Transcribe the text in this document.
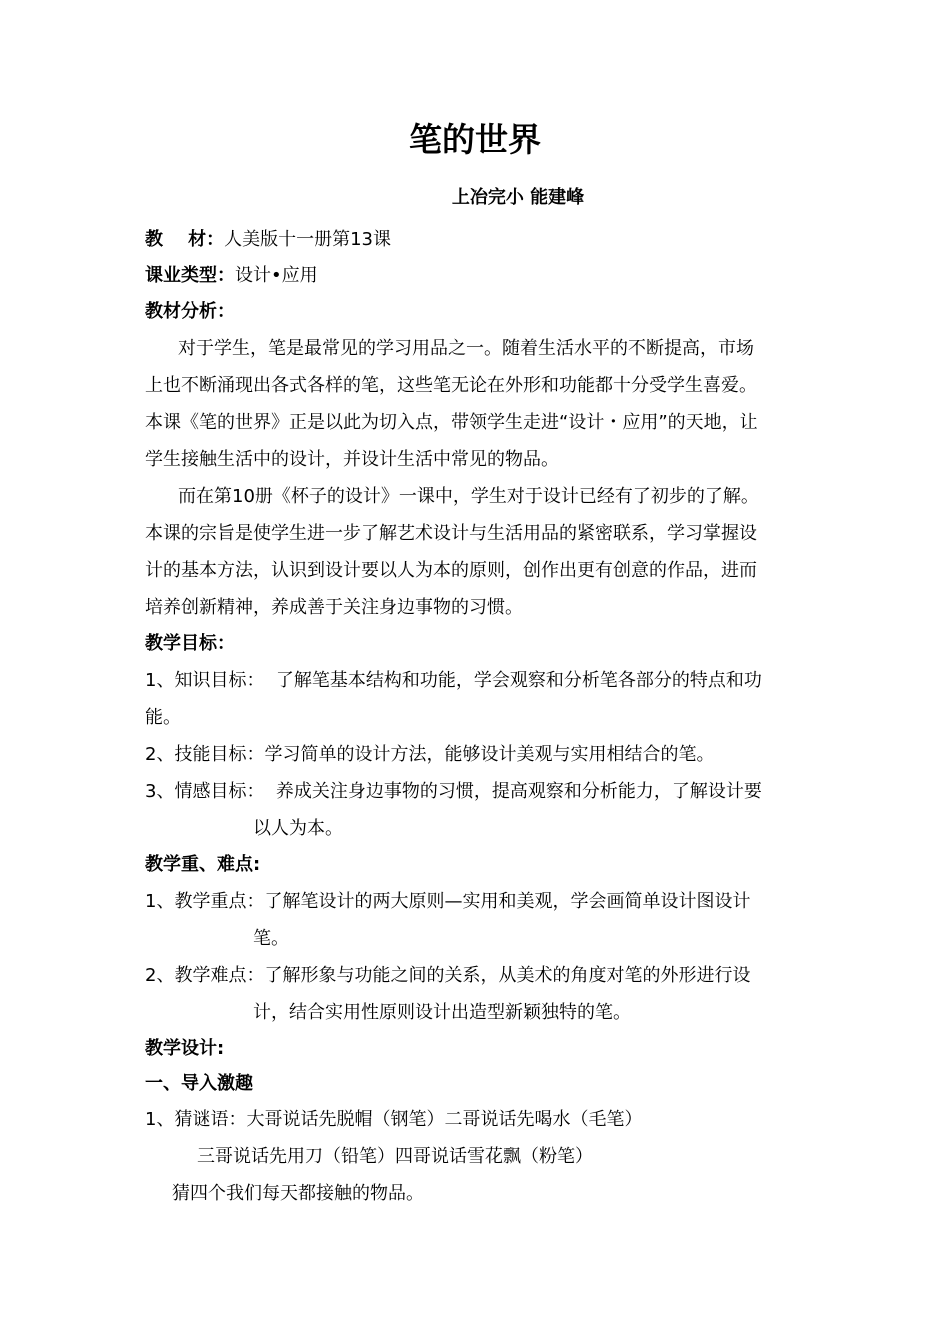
笔的世界
上冶完小 能建峰
教    材：人美版十一册第13课
课业类型：设计•应用
教材分析：
对于学生，笔是最常见的学习用品之一。随着生活水平的不断提高，市场
上也不断涌现出各式各样的笔，这些笔无论在外形和功能都十分受学生喜爱。
本课《笔的世界》正是以此为切入点，带领学生走进“设计・应用”的天地，让
学生接触生活中的设计，并设计生活中常见的物品。
而在第10册《杯子的设计》一课中，学生对于设计已经有了初步的了解。
本课的宗旨是使学生进一步了解艺术设计与生活用品的紧密联系，学习掌握设
计的基本方法，认识到设计要以人为本的原则，创作出更有创意的作品，进而
培养创新精神，养成善于关注身边事物的习惯。
教学目标：
1、知识目标：  了解笔基本结构和功能，学会观察和分析笔各部分的特点和功
能。
2、技能目标：学习简单的设计方法，能够设计美观与实用相结合的笔。
3、情感目标：  养成关注身边事物的习惯，提高观察和分析能力，了解设计要
以人为本。
教学重、难点:
1、教学重点：了解笔设计的两大原则—实用和美观，学会画简单设计图设计
笔。
2、教学难点：了解形象与功能之间的关系，从美术的角度对笔的外形进行设
计，结合实用性原则设计出造型新颖独特的笔。
教学设计:
一、导入激趣
1、猜谜语：大哥说话先脱帽（钢笔）二哥说话先喝水（毛笔）
三哥说话先用刀（铅笔）四哥说话雪花飘（粉笔）
猜四个我们每天都接触的物品。
